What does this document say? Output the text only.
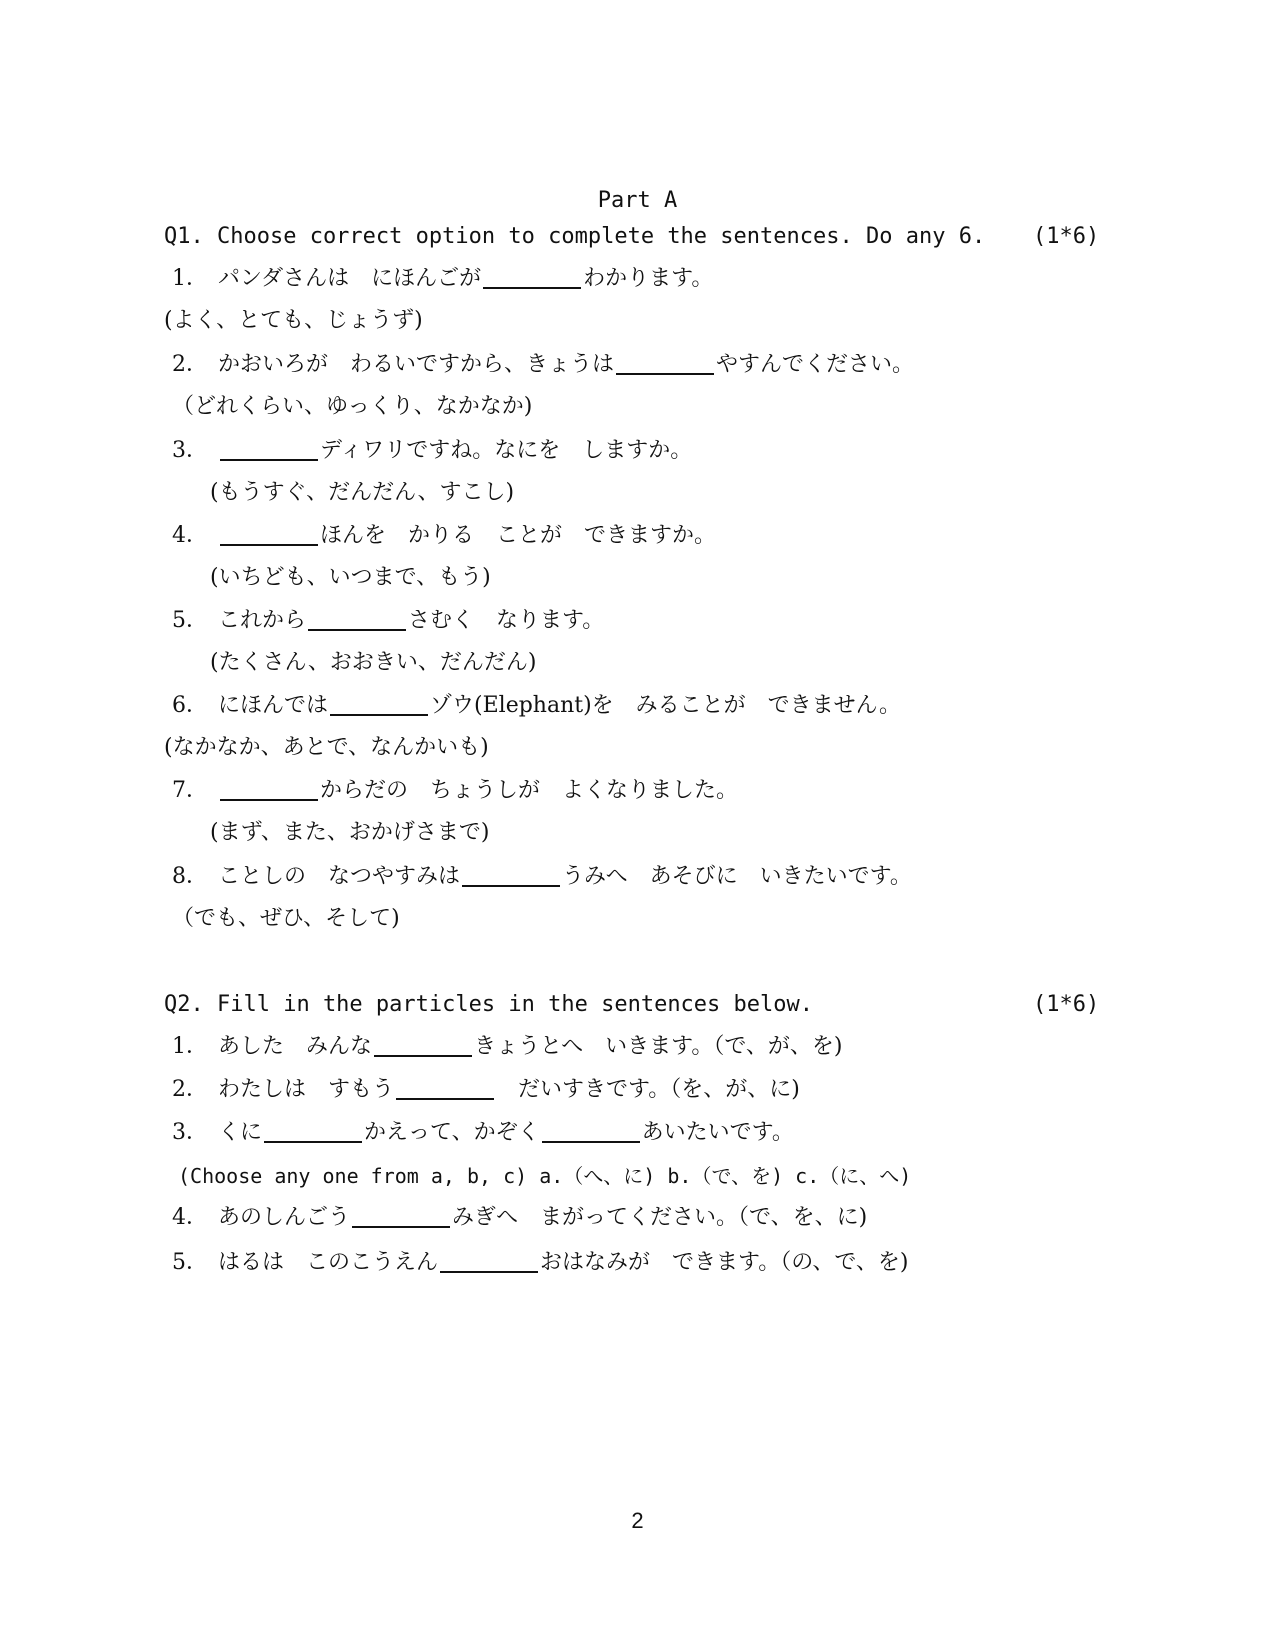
Part A
Q1. Choose correct option to complete the sentences. Do any 6. (1*6)
1． パンダさんは　にほんごが	わかります。
(よく、とても、じょうず)
2． かおいろが　わるいですから、きょうは	やすんでください。
（どれくらい、ゆっくり、なかなか)
3．	ディワリですね。なにを　しますか。
(もうすぐ、だんだん、すこし)
4．	ほんを　かりる　ことが　できますか。
(いちども、いつまで、もう)
5． これから	さむく　なります。
(たくさん、おおきい、だんだん)
6． にほんでは	ゾウ(Elephant)を　みることが　できません。
(なかなか、あとで、なんかいも)
7．	からだの　ちょうしが　よくなりました。
(まず、また、おかげさまで)
8． ことしの　なつやすみは	うみへ　あそびに　いきたいです。
（でも、ぜひ、そして)
Q2. Fill in the particles in the sentences below.	(1*6)
1． あした　みんな	きょうとへ　いきます。（で、が、を)
2． わたしは　すもう	　だいすきです。（を、が、に)
3． くに	かえって、かぞく	あいたいです。
(Choose any one from a, b, c) a.（へ、に) b.（で、を) c.（に、へ)
4． あのしんごう	みぎへ　まがってください。（で、を、に)
5． はるは　このこうえん	おはなみが　できます。（の、で、を)
2
